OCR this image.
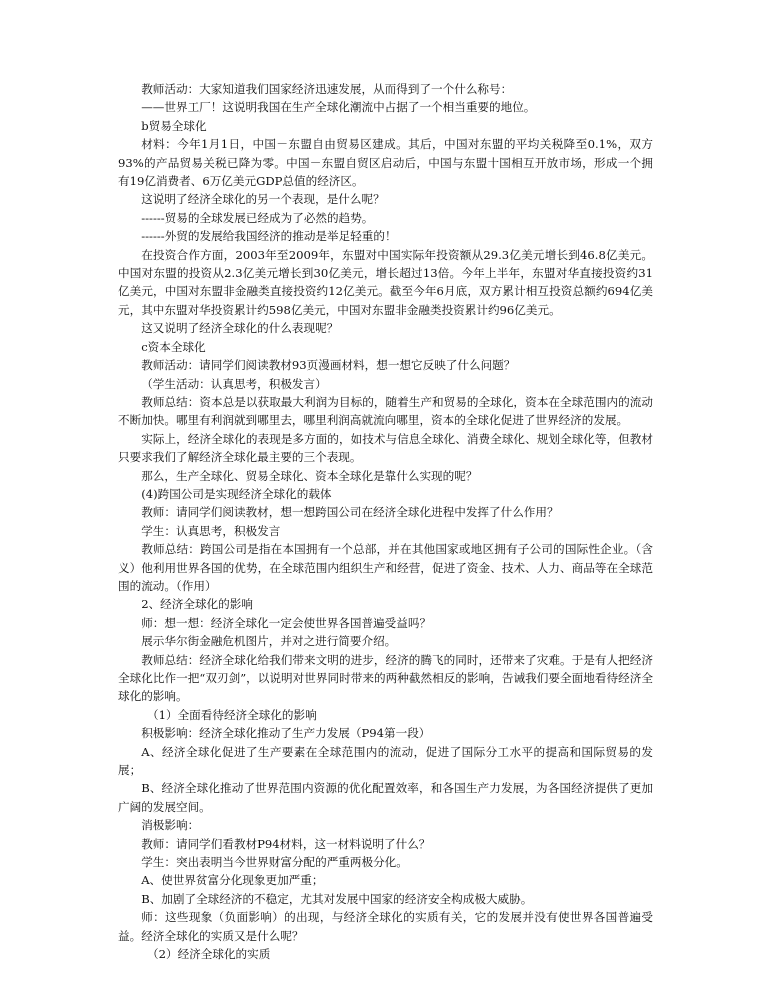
教师活动：大家知道我们国家经济迅速发展，从而得到了一个什么称号：

——世界工厂！这说明我国在生产全球化潮流中占据了一个相当重要的地位。

b贸易全球化

材料：今年1月1日，中国－东盟自由贸易区建成。其后，中国对东盟的平均关税降至0.1%，双方93%的产品贸易关税已降为零。中国－东盟自贸区启动后，中国与东盟十国相互开放市场，形成一个拥有19亿消费者、6万亿美元GDP总值的经济区。

这说明了经济全球化的另一个表现，是什么呢？

------贸易的全球发展已经成为了必然的趋势。

------外贸的发展给我国经济的推动是举足轻重的！

在投资合作方面，2003年至2009年，东盟对中国实际年投资额从29.3亿美元增长到46.8亿美元。中国对东盟的投资从2.3亿美元增长到30亿美元，增长超过13倍。今年上半年，东盟对华直接投资约31亿美元，中国对东盟非金融类直接投资约12亿美元。截至今年6月底，双方累计相互投资总额约694亿美元，其中东盟对华投资累计约598亿美元，中国对东盟非金融类投资累计约96亿美元。

这又说明了经济全球化的什么表现呢？

c资本全球化

教师活动：请同学们阅读教材93页漫画材料，想一想它反映了什么问题？

（学生活动：认真思考，积极发言）

教师总结：资本总是以获取最大利润为目标的，随着生产和贸易的全球化，资本在全球范围内的流动不断加快。哪里有利润就到哪里去，哪里利润高就流向哪里，资本的全球化促进了世界经济的发展。

实际上，经济全球化的表现是多方面的，如技术与信息全球化、消费全球化、规划全球化等，但教材只要求我们了解经济全球化最主要的三个表现。

那么，生产全球化、贸易全球化、资本全球化是靠什么实现的呢？

(4)跨国公司是实现经济全球化的载体

教师：请同学们阅读教材，想一想跨国公司在经济全球化进程中发挥了什么作用？

学生：认真思考，积极发言

教师总结：跨国公司是指在本国拥有一个总部，并在其他国家或地区拥有子公司的国际性企业。（含义）他利用世界各国的优势，在全球范围内组织生产和经营，促进了资金、技术、人力、商品等在全球范围的流动。（作用）

2、经济全球化的影响

师：想一想：经济全球化一定会使世界各国普遍受益吗？

展示华尔街金融危机图片，并对之进行简要介绍。

教师总结：经济全球化给我们带来文明的进步，经济的腾飞的同时，还带来了灾难。于是有人把经济全球化比作一把“双刃剑”，以说明对世界同时带来的两种截然相反的影响，告诫我们要全面地看待经济全球化的影响。

（1）全面看待经济全球化的影响

积极影响：经济全球化推动了生产力发展（P94第一段）

A、经济全球化促进了生产要素在全球范围内的流动，促进了国际分工水平的提高和国际贸易的发展；

B、经济全球化推动了世界范围内资源的优化配置效率，和各国生产力发展，为各国经济提供了更加广阔的发展空间。

消极影响：

教师：请同学们看教材P94材料，这一材料说明了什么？

学生：突出表明当今世界财富分配的严重两极分化。

A、使世界贫富分化现象更加严重；

B、加剧了全球经济的不稳定，尤其对发展中国家的经济安全构成极大威胁。

师：这些现象（负面影响）的出现，与经济全球化的实质有关，它的发展并没有使世界各国普遍受益。经济全球化的实质又是什么呢？

（2）经济全球化的实质
